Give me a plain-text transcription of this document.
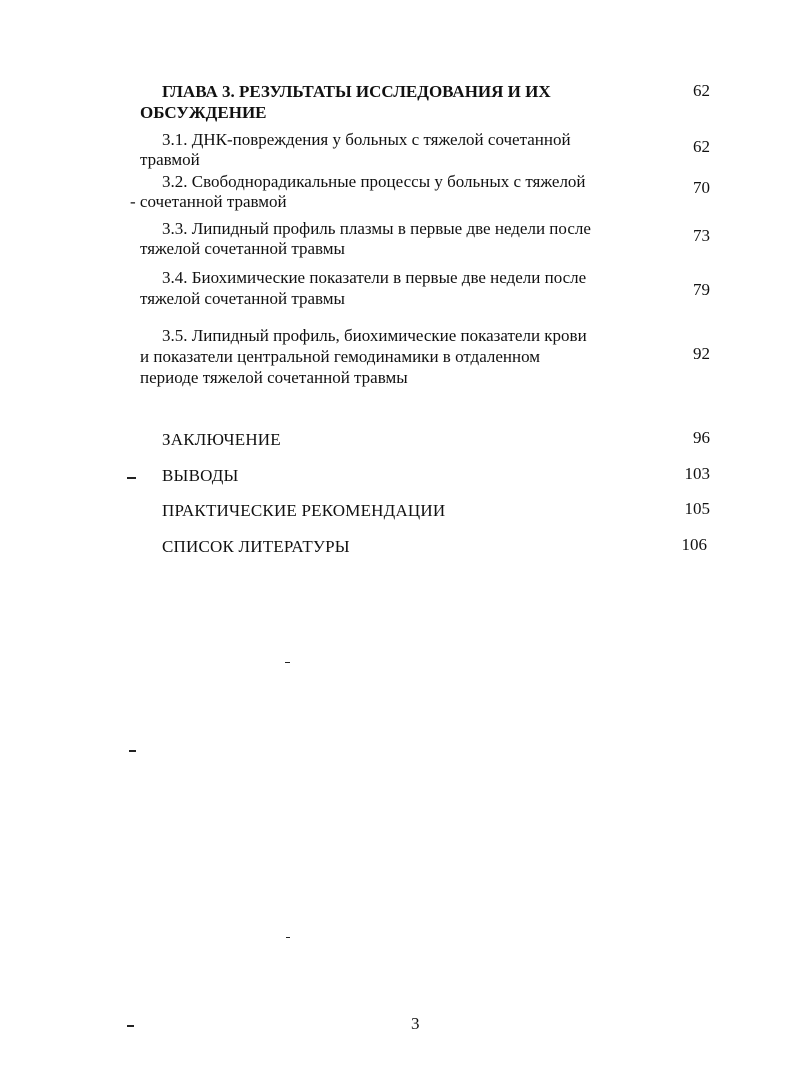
ГЛАВА 3. РЕЗУЛЬТАТЫ ИССЛЕДОВАНИЯ И ИХ
ОБСУЖДЕНИЕ
62
3.1. ДНК-повреждения у больных с тяжелой сочетанной
травмой
62
3.2. Свободнорадикальные процессы у больных с тяжелой
- сочетанной травмой
70
3.3. Липидный профиль плазмы в первые две недели после
тяжелой сочетанной травмы
73
3.4. Биохимические показатели в первые две недели после
тяжелой сочетанной травмы	79
3.5. Липидный профиль, биохимические показатели крови
и показатели центральной гемодинамики в отдаленном
периоде тяжелой сочетанной травмы
92
ЗАКЛЮЧЕНИЕ	96
ВЫВОДЫ	103
ПРАКТИЧЕСКИЕ РЕКОМЕНДАЦИИ	105
СПИСОК ЛИТЕРАТУРЫ	106
3
